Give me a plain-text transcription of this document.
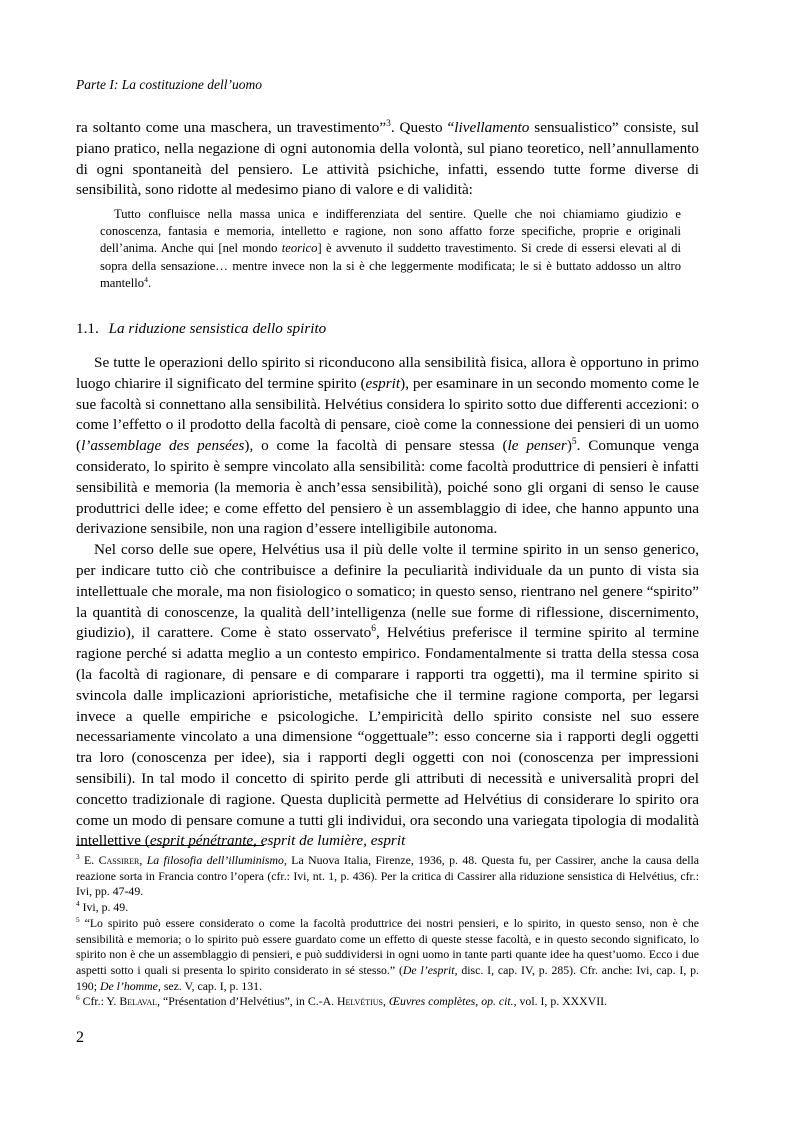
Parte I: La costituzione dell’uomo

ra soltanto come una maschera, un travestimento”$^3$. Questo “livellamento sensualistico” consiste, sul piano pratico, nella negazione di ogni autonomia della volontà, sul piano teoretico, nell’annullamento di ogni spontaneità del pensiero. Le attività psichiche, infatti, essendo tutte forme diverse di sensibilità, sono ridotte al medesimo piano di valore e di validità:

Tutto confluisce nella massa unica e indifferenziata del sentire. Quelle che noi chiamiamo giudizio e conoscenza, fantasia e memoria, intelletto e ragione, non sono affatto forze specifiche, proprie e originali dell’anima. Anche qui [nel mondo teorico] è avvenuto il suddetto travestimento. Si crede di essersi elevati al di sopra della sensazione… mentre invece non la si è che leggermente modificata; le si è buttato addosso un altro mantello$^4$.

1.1. La riduzione sensistica dello spirito

Se tutte le operazioni dello spirito si riconducono alla sensibilità fisica, allora è opportuno in primo luogo chiarire il significato del termine spirito (esprit), per esaminare in un secondo momento come le sue facoltà si connettano alla sensibilità. Helvétius considera lo spirito sotto due differenti accezioni: o come l’effetto o il prodotto della facoltà di pensare, cioè come la connessione dei pensieri di un uomo (l’assemblage des pensées), o come la facoltà di pensare stessa (le penser)$^5$. Comunque venga considerato, lo spirito è sempre vincolato alla sensibilità: come facoltà produttrice di pensieri è infatti sensibilità e memoria (la memoria è anch’essa sensibilità), poiché sono gli organi di senso le cause produttrici delle idee; e come effetto del pensiero è un assemblaggio di idee, che hanno appunto una derivazione sensibile, non una ragion d’essere intelligibile autonoma.

Nel corso delle sue opere, Helvétius usa il più delle volte il termine spirito in un senso generico, per indicare tutto ciò che contribuisce a definire la peculiarità individuale da un punto di vista sia intellettuale che morale, ma non fisiologico o somatico; in questo senso, rientrano nel genere “spirito” la quantità di conoscenze, la qualità dell’intelligenza (nelle sue forme di riflessione, discernimento, giudizio), il carattere. Come è stato osservato$^6$, Helvétius preferisce il termine spirito al termine ragione perché si adatta meglio a un contesto empirico. Fondamentalmente si tratta della stessa cosa (la facoltà di ragionare, di pensare e di comparare i rapporti tra oggetti), ma il termine spirito si svincola dalle implicazioni aprioristiche, metafisiche che il termine ragione comporta, per legarsi invece a quelle empiriche e psicologiche. L’empiricità dello spirito consiste nel suo essere necessariamente vincolato a una dimensione “oggettuale”: esso concerne sia i rapporti degli oggetti tra loro (conoscenza per idee), sia i rapporti degli oggetti con noi (conoscenza per impressioni sensibili). In tal modo il concetto di spirito perde gli attributi di necessità e universalità propri del concetto tradizionale di ragione. Questa duplicità permette ad Helvétius di considerare lo spirito ora come un modo di pensare comune a tutti gli individui, ora secondo una variegata tipologia di modalità intellettive (esprit pénétrante, esprit de lumière, esprit

$^3$ E. Cassirer, La filosofia dell’illuminismo, La Nuova Italia, Firenze, 1936, p. 48. Questa fu, per Cassirer, anche la causa della reazione sorta in Francia contro l’opera (cfr.: Ivi, nt. 1, p. 436). Per la critica di Cassirer alla riduzione sensistica di Helvétius, cfr.: Ivi, pp. 47-49.

$^4$ Ivi, p. 49.

$^5$ “Lo spirito può essere considerato o come la facoltà produttrice dei nostri pensieri, e lo spirito, in questo senso, non è che sensibilità e memoria; o lo spirito può essere guardato come un effetto di queste stesse facoltà, e in questo secondo significato, lo spirito non è che un assemblaggio di pensieri, e può suddividersi in ogni uomo in tante parti quante idee ha quest’uomo. Ecco i due aspetti sotto i quali si presenta lo spirito considerato in sé stesso.” (De l’esprit, disc. I, cap. IV, p. 285). Cfr. anche: Ivi, cap. I, p. 190; De l’homme, sez. V, cap. I, p. 131.

$^6$ Cfr.: Y. Belaval, “Présentation d’Helvétius”, in C.-A. Helvétius, Œuvres complètes, op. cit., vol. I, p. XXXVII.

2
